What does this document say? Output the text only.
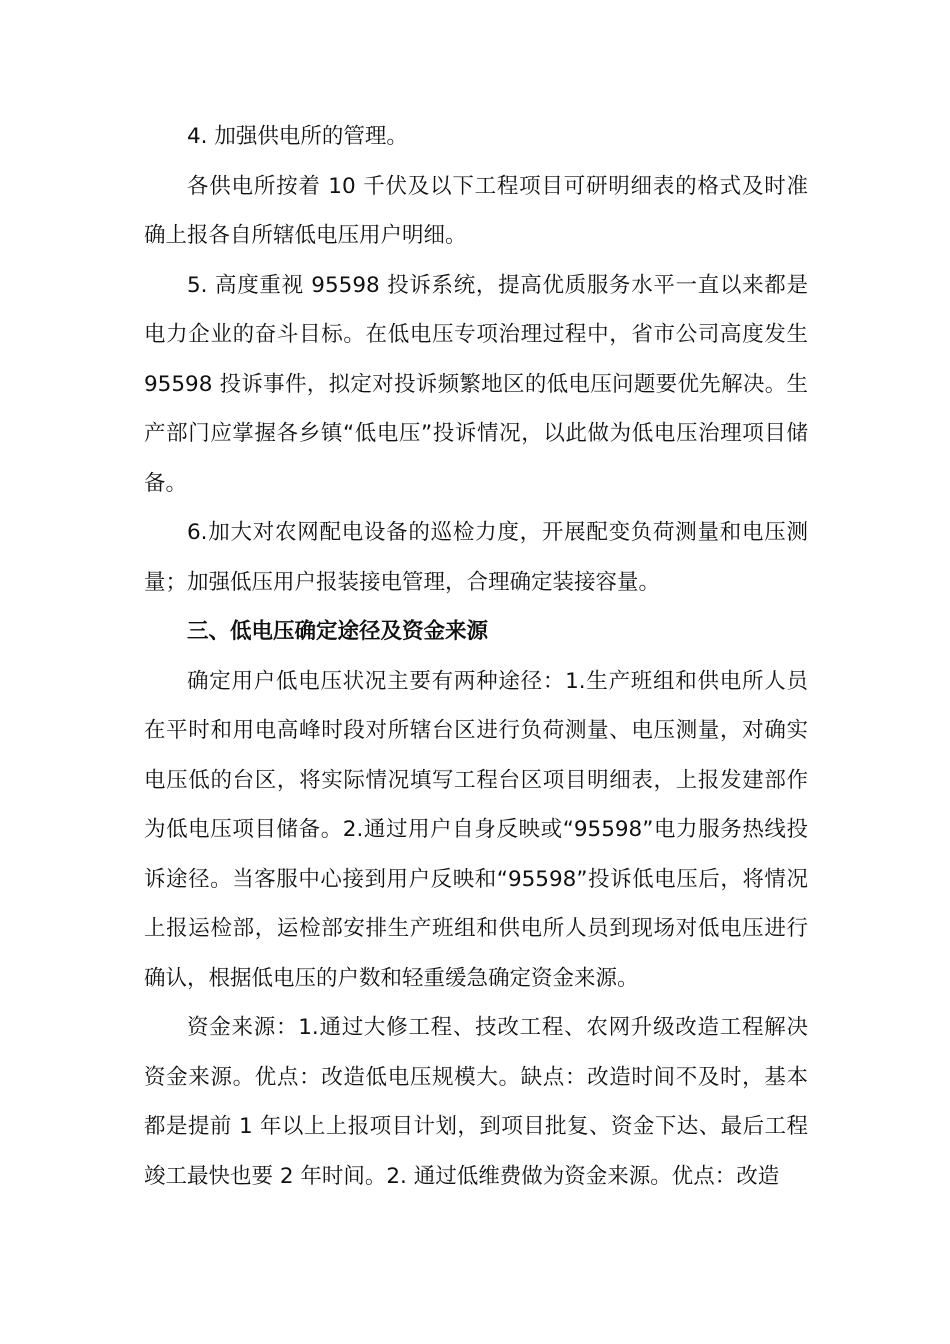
4. 加强供电所的管理。

各供电所按着 10 千伏及以下工程项目可研明细表的格式及时准确上报各自所辖低电压用户明细。

5. 高度重视 95598 投诉系统，提高优质服务水平一直以来都是电力企业的奋斗目标。在低电压专项治理过程中，省市公司高度发生 95598 投诉事件，拟定对投诉频繁地区的低电压问题要优先解决。生产部门应掌握各乡镇“低电压”投诉情况，以此做为低电压治理项目储备。

6.加大对农网配电设备的巡检力度，开展配变负荷测量和电压测量；加强低压用户报装接电管理，合理确定装接容量。

三、低电压确定途径及资金来源

确定用户低电压状况主要有两种途径：1.生产班组和供电所人员在平时和用电高峰时段对所辖台区进行负荷测量、电压测量，对确实电压低的台区，将实际情况填写工程台区项目明细表，上报发建部作为低电压项目储备。2.通过用户自身反映或“95598”电力服务热线投诉途径。当客服中心接到用户反映和“95598”投诉低电压后，将情况上报运检部，运检部安排生产班组和供电所人员到现场对低电压进行确认，根据低电压的户数和轻重缓急确定资金来源。

资金来源：1.通过大修工程、技改工程、农网升级改造工程解决资金来源。优点：改造低电压规模大。缺点：改造时间不及时，基本都是提前 1 年以上上报项目计划，到项目批复、资金下达、最后工程竣工最快也要 2 年时间。2. 通过低维费做为资金来源。优点：改造
